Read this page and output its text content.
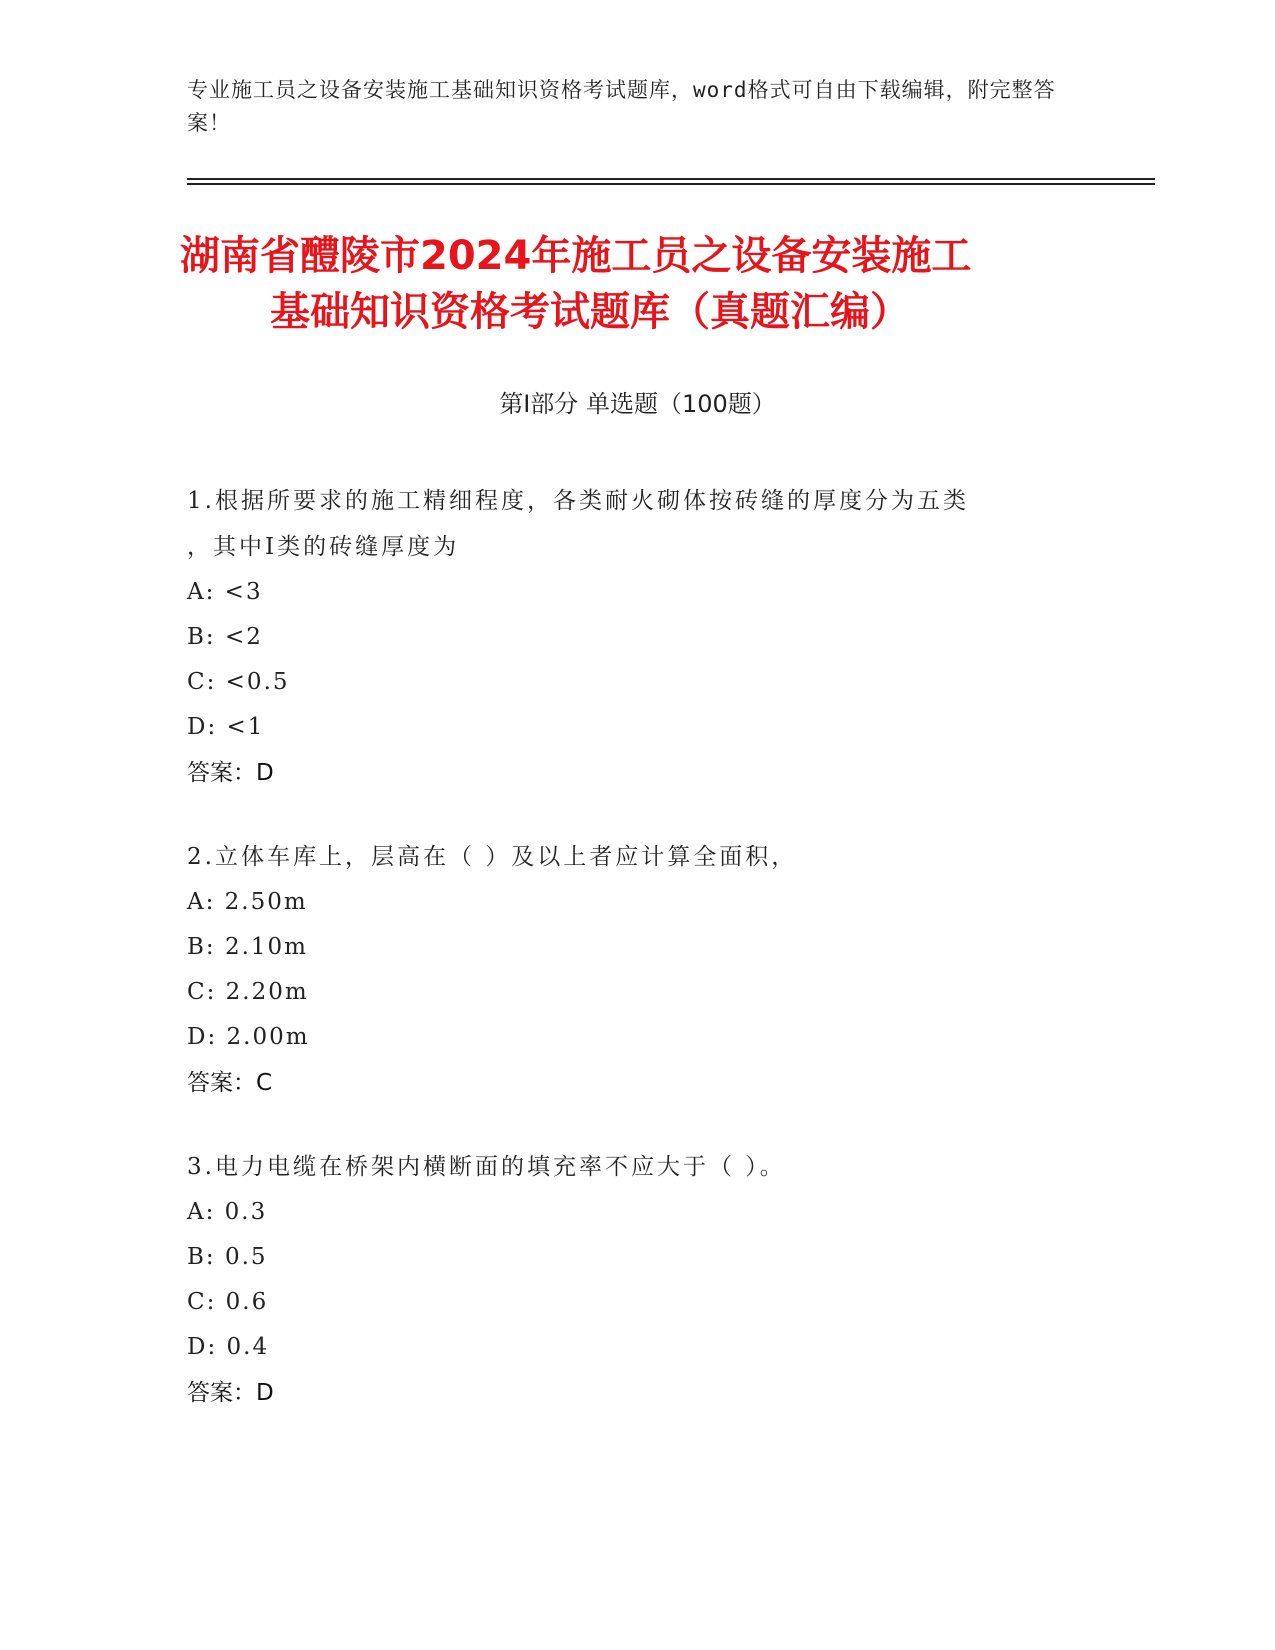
专业施工员之设备安装施工基础知识资格考试题库，word格式可自由下载编辑，附完整答案！
湖南省醴陵市2024年施工员之设备安装施工
基础知识资格考试题库（真题汇编）
第I部分 单选题（100题）

1.根据所要求的施工精细程度，各类耐火砌体按砖缝的厚度分为五类

，其中I类的砖缝厚度为

A: <3

B: <2

C: <0.5

D: <1

答案：D

2.立体车库上，层高在（ ）及以上者应计算全面积，

A: 2.50m

B: 2.10m

C: 2.20m

D: 2.00m

答案：C

3.电力电缆在桥架内横断面的填充率不应大于（ ）。

A: 0.3

B: 0.5

C: 0.6

D: 0.4

答案：D
